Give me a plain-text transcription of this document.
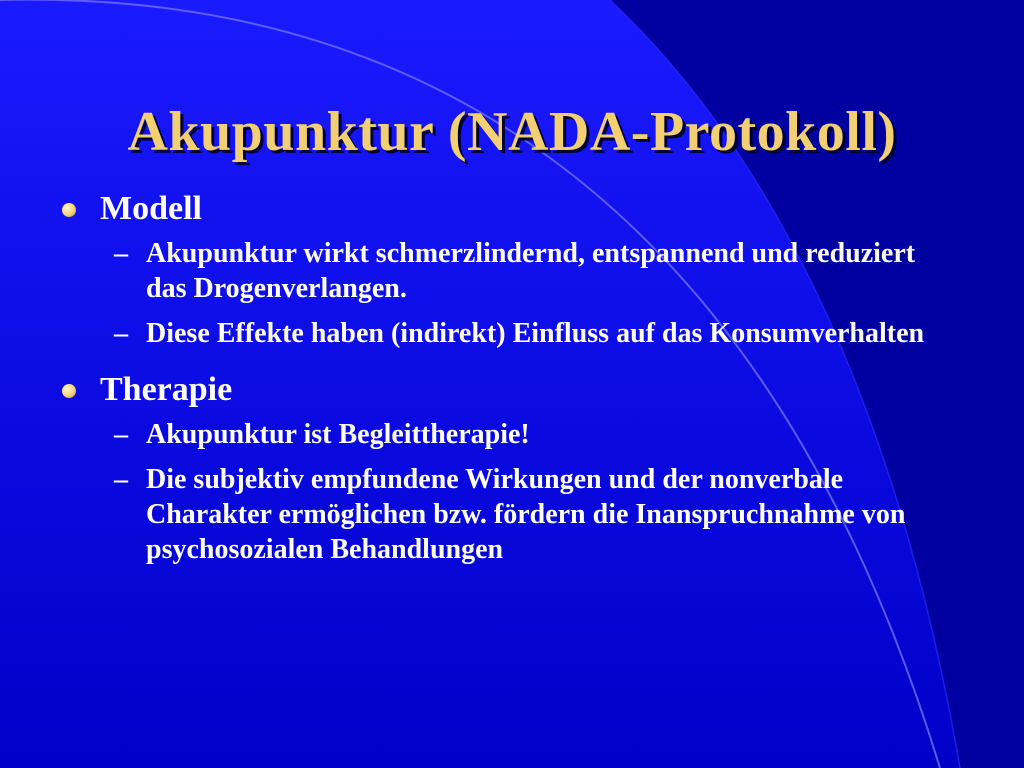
Akupunktur (NADA-Protokoll)
Modell
– Akupunktur wirkt schmerzlindernd, entspannend und reduziert das Drogenverlangen.
– Diese Effekte haben (indirekt) Einfluss auf das Konsumverhalten
Therapie
– Akupunktur ist Begleittherapie!
– Die subjektiv empfundene Wirkungen und der nonverbale Charakter ermöglichen bzw. fördern die Inanspruchnahme von psychosozialen Behandlungen
